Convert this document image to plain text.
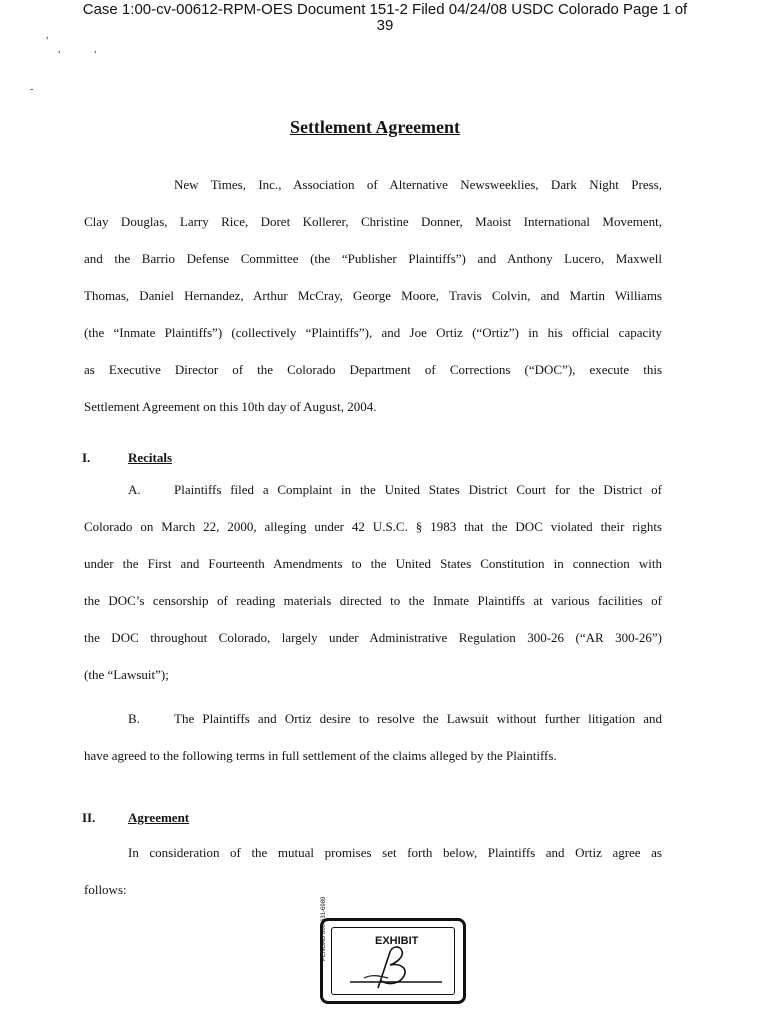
Case 1:00-cv-00612-RPM-OES Document 151-2 Filed 04/24/08 USDC Colorado Page 1 of
39
,
,	,
-
Settlement Agreement

New Times, Inc., Association of Alternative Newsweeklies, Dark Night Press,

Clay Douglas, Larry Rice, Doret Kollerer, Christine Donner, Maoist International Movement,

and the Barrio Defense Committee (the “Publisher Plaintiffs”) and Anthony Lucero, Maxwell

Thomas, Daniel Hernandez, Arthur McCray, George Moore, Travis Colvin, and Martin Williams

(the “Inmate Plaintiffs”) (collectively “Plaintiffs”), and Joe Ortiz (“Ortiz”) in his official capacity

as Executive Director of the Colorado Department of Corrections (“DOC”), execute this

Settlement Agreement on this 10th day of August, 2004.

I.	Recitals

A.	Plaintiffs filed a Complaint in the United States District Court for the District of

Colorado on March 22, 2000, alleging under 42 U.S.C. § 1983 that the DOC violated their rights

under the First and Fourteenth Amendments to the United States Constitution in connection with

the DOC’s censorship of reading materials directed to the Inmate Plaintiffs at various facilities of

the DOC throughout Colorado, largely under Administrative Regulation 300-26 (“AR 300-26”)

(the “Lawsuit”);

B.	The Plaintiffs and Ortiz desire to resolve the Lawsuit without further litigation and

have agreed to the following terms in full settlement of the claims alleged by the Plaintiffs.

II.	Agreement

In consideration of the mutual promises set forth below, Plaintiffs and Ortiz agree as

follows:

EXHIBIT
PENGAD 800-631-6989
